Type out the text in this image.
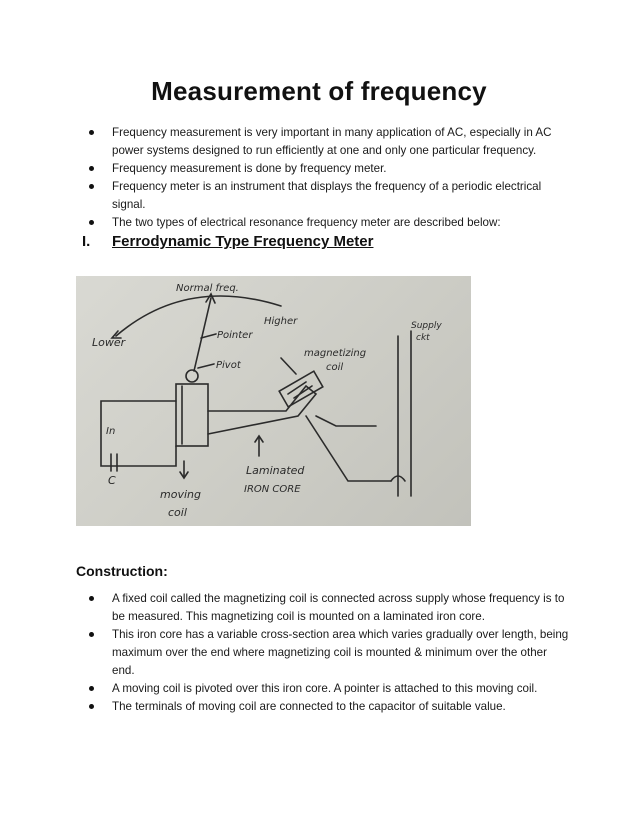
Measurement of frequency
Frequency measurement is very important in many application of AC, especially in AC power systems designed to run efficiently at one and only one particular frequency.
Frequency measurement is done by frequency meter.
Frequency meter is an instrument that displays the frequency of a periodic electrical signal.
The two types of electrical resonance frequency meter are described below:
I. Ferrodynamic Type Frequency Meter
Normal freq.
Lower
Higher
Pointer
Pivot
magnetizing
coil
Supply
ckt
In
C
moving
coil
Laminated
IRON CORE
Construction:
A fixed coil called the magnetizing coil is connected across supply whose frequency is to be measured. This magnetizing coil is mounted on a laminated iron core.
This iron core has a variable cross-section area which varies gradually over length, being maximum over the end where magnetizing coil is mounted & minimum over the other end.
A moving coil is pivoted over this iron core. A pointer is attached to this moving coil.
The terminals of moving coil are connected to the capacitor of suitable value.
